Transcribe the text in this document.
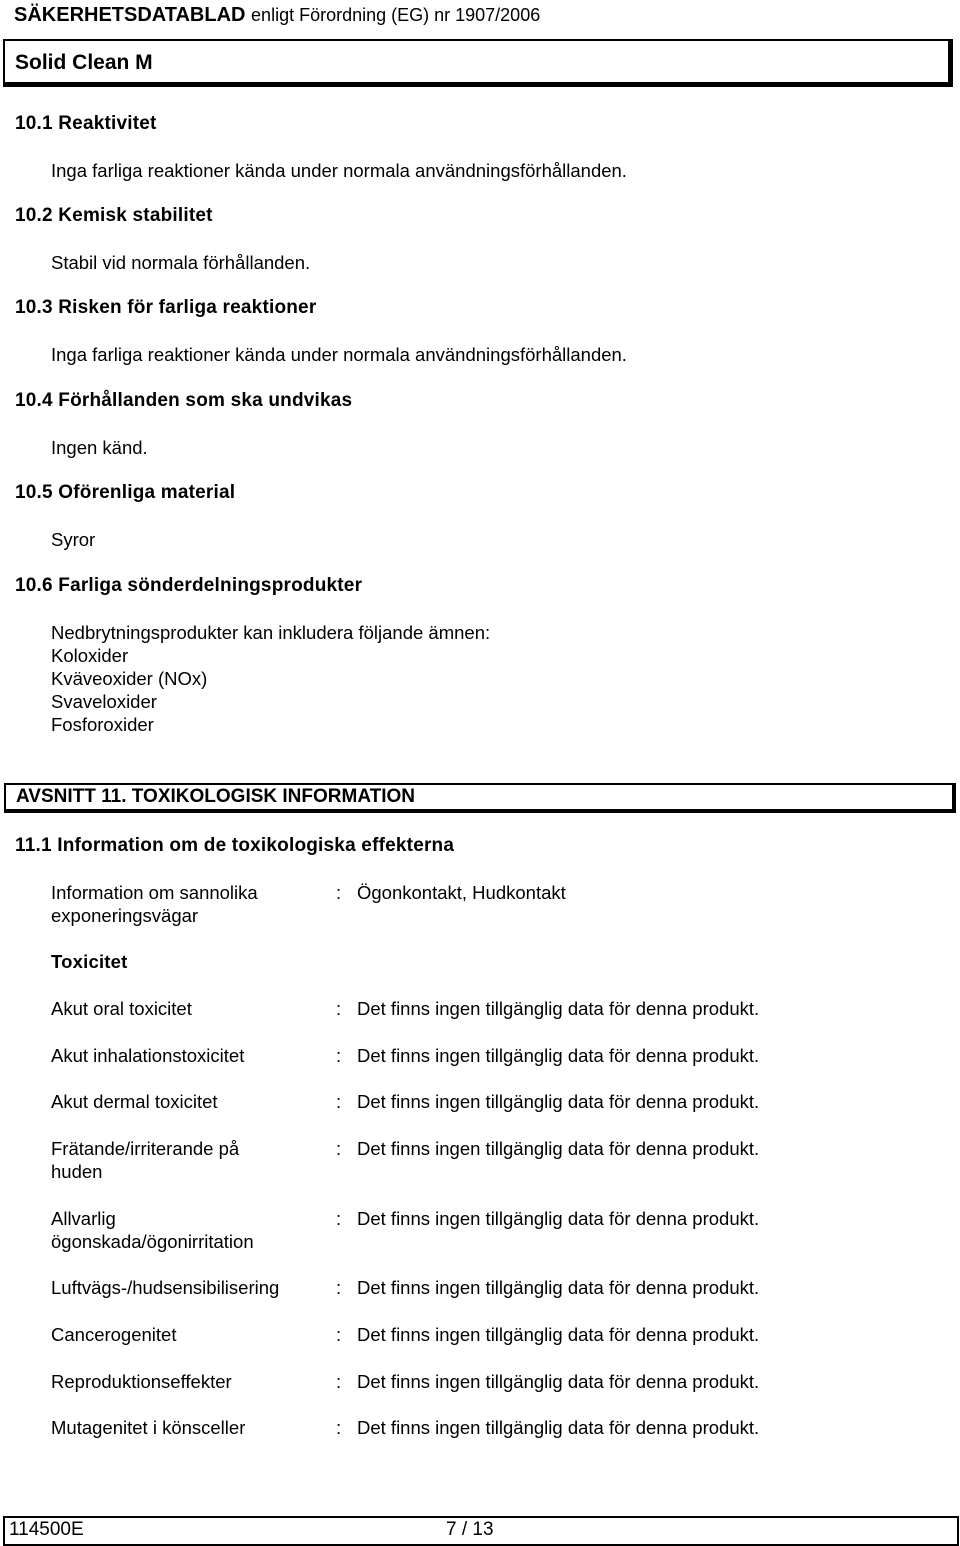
SÄKERHETSDATABLAD enligt Förordning (EG) nr 1907/2006
Solid Clean M
10.1 Reaktivitet
Inga farliga reaktioner kända under normala användningsförhållanden.
10.2 Kemisk stabilitet
Stabil vid normala förhållanden.
10.3 Risken för farliga reaktioner
Inga farliga reaktioner kända under normala användningsförhållanden.
10.4 Förhållanden som ska undvikas
Ingen känd.
10.5 Oförenliga material
Syror
10.6 Farliga sönderdelningsprodukter
Nedbrytningsprodukter kan inkludera följande ämnen:
Koloxider
Kväveoxider (NOx)
Svaveloxider
Fosforoxider
AVSNITT 11. TOXIKOLOGISK INFORMATION
11.1 Information om de toxikologiska effekterna
Information om sannolika
exponeringsvägar
: Ögonkontakt, Hudkontakt
Toxicitet
Akut oral toxicitet	: Det finns ingen tillgänglig data för denna produkt.
Akut inhalationstoxicitet	: Det finns ingen tillgänglig data för denna produkt.
Akut dermal toxicitet	: Det finns ingen tillgänglig data för denna produkt.
Frätande/irriterande på
huden
: Det finns ingen tillgänglig data för denna produkt.
Allvarlig
ögonskada/ögonirritation
: Det finns ingen tillgänglig data för denna produkt.
Luftvägs-/hudsensibilisering	: Det finns ingen tillgänglig data för denna produkt.
Cancerogenitet	: Det finns ingen tillgänglig data för denna produkt.
Reproduktionseffekter	: Det finns ingen tillgänglig data för denna produkt.
Mutagenitet i könsceller	: Det finns ingen tillgänglig data för denna produkt.
114500E	7 / 13
